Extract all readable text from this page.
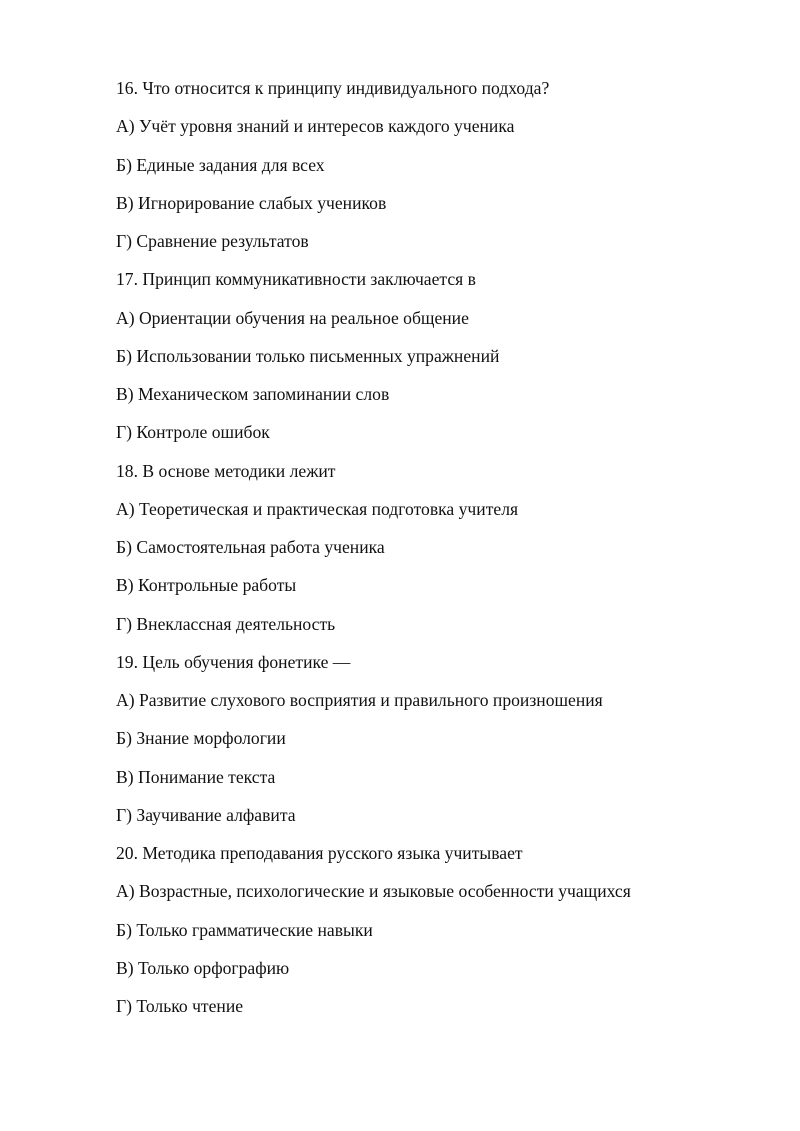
16. Что относится к принципу индивидуального подхода?

А) Учёт уровня знаний и интересов каждого ученика

Б) Единые задания для всех

В) Игнорирование слабых учеников

Г) Сравнение результатов

17. Принцип коммуникативности заключается в

А) Ориентации обучения на реальное общение

Б) Использовании только письменных упражнений

В) Механическом запоминании слов

Г) Контроле ошибок

18. В основе методики лежит

А) Теоретическая и практическая подготовка учителя

Б) Самостоятельная работа ученика

В) Контрольные работы

Г) Внеклассная деятельность

19. Цель обучения фонетике —

А) Развитие слухового восприятия и правильного произношения

Б) Знание морфологии

В) Понимание текста

Г) Заучивание алфавита

20. Методика преподавания русского языка учитывает

А) Возрастные, психологические и языковые особенности учащихся

Б) Только грамматические навыки

В) Только орфографию

Г) Только чтение
